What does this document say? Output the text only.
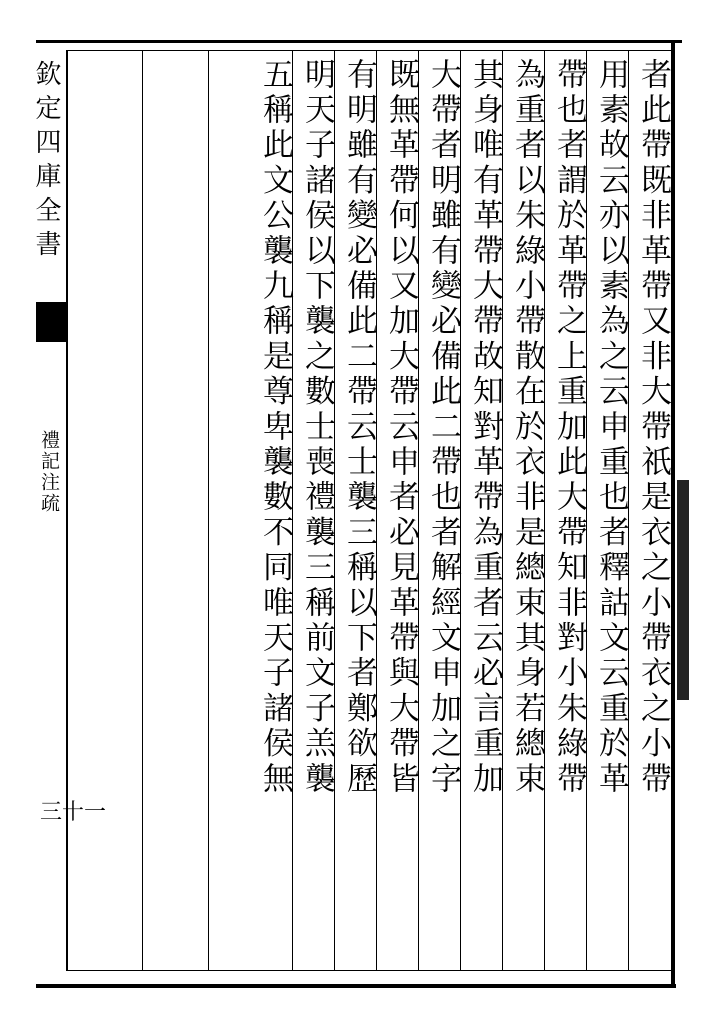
欽定四庫全書
禮記注疏
三十一
者此帶既非革帶又非大帶祇是衣之小帶衣之小帶
用素故云亦以素為之云申重也者釋詁文云重於革
帶也者謂於革帶之上重加此大帶知非對小朱綠帶
為重者以朱綠小帶散在於衣非是總束其身若總束
其身唯有革帶大帶故知對革帶為重者云必言重加
大帶者明雖有變必備此二帶也者解經文申加之字
既無革帶何以又加大帶云申者必見革帶與大帶皆
有明雖有變必備此二帶云士襲三稱以下者鄭欲歷
明天子諸侯以下襲之數士喪禮襲三稱前文子羔襲
五稱此文公襲九稱是尊卑襲數不同唯天子諸侯無
